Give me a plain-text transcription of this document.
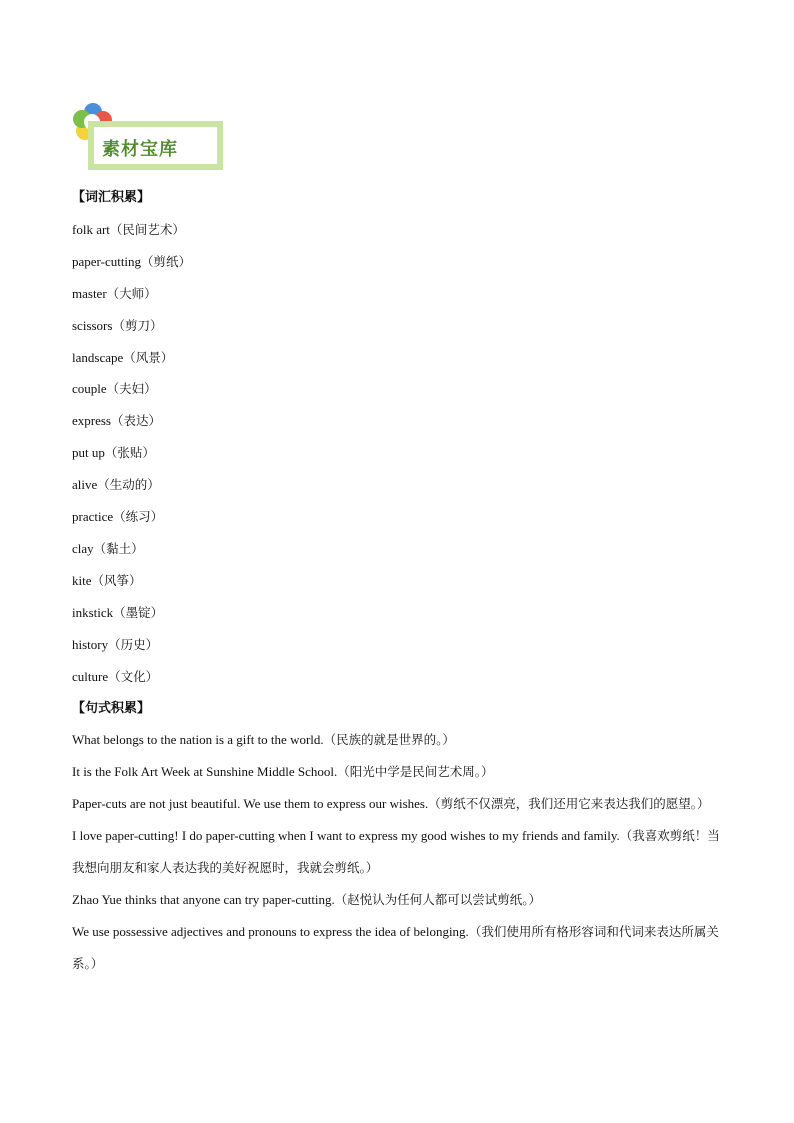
素材宝库
【词汇积累】
folk art（民间艺术）
paper-cutting（剪纸）
master（大师）
scissors（剪刀）
landscape（风景）
couple（夫妇）
express（表达）
put up（张贴）
alive（生动的）
practice（练习）
clay（黏土）
kite（风筝）
inkstick（墨锭）
history（历史）
culture（文化）
【句式积累】
What belongs to the nation is a gift to the world.（民族的就是世界的。）
It is the Folk Art Week at Sunshine Middle School.（阳光中学是民间艺术周。）
Paper-cuts are not just beautiful. We use them to express our wishes.（剪纸不仅漂亮，我们还用它来表达我们的愿望。）
I love paper-cutting! I do paper-cutting when I want to express my good wishes to my friends and family.（我喜欢剪纸！当我想向朋友和家人表达我的美好祝愿时，我就会剪纸。）
Zhao Yue thinks that anyone can try paper-cutting.（赵悦认为任何人都可以尝试剪纸。）
We use possessive adjectives and pronouns to express the idea of belonging.（我们使用所有格形容词和代词来表达所属关系。）
